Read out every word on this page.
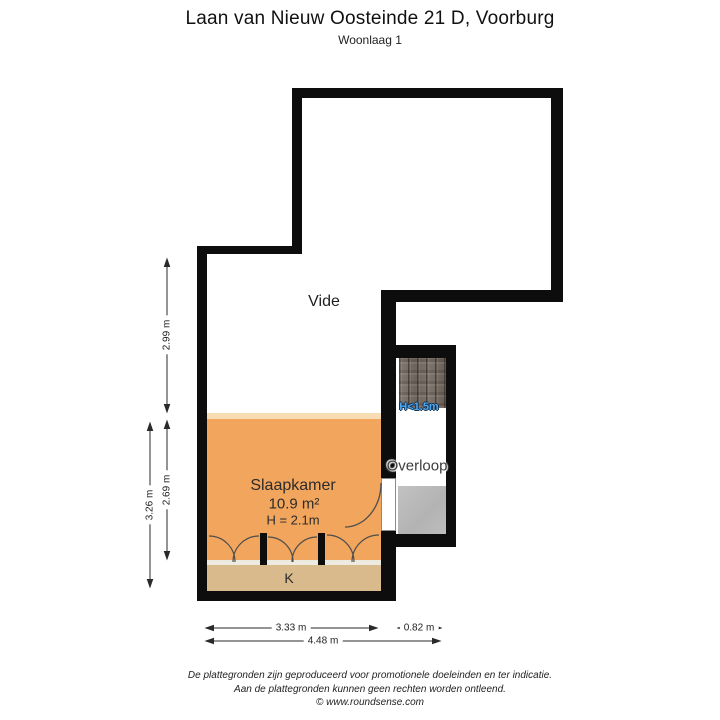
Laan van Nieuw Oosteinde 21 D, Voorburg
Woonlaag 1
Vide
Slaapkamer
10.9 m²
H = 2.1m
K
Overloop
H<1.5m
2.99 m
2.69 m
3.26 m
3.33 m	0.82 m
4.48 m
De plattegronden zijn geproduceerd voor promotionele doeleinden en ter indicatie.
Aan de plattegronden kunnen geen rechten worden ontleend.
© www.roundsense.com
